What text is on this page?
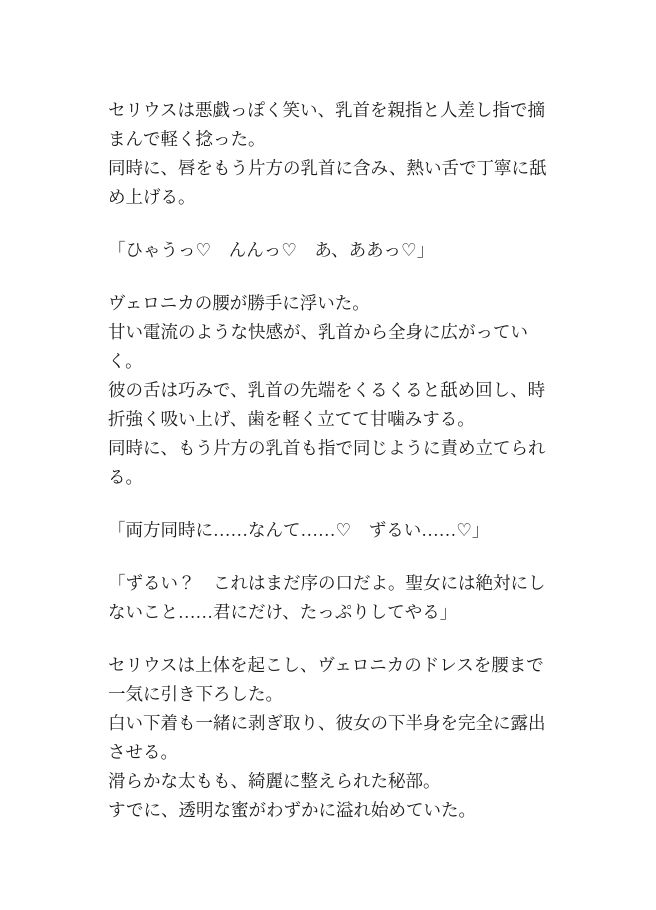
セリウスは悪戯っぽく笑い、乳首を親指と人差し指で摘まんで軽く捻った。

同時に、唇をもう片方の乳首に含み、熱い舌で丁寧に舐め上げる。

「ひゃうっ♡　んんっ♡　あ、ああっ♡」

ヴェロニカの腰が勝手に浮いた。

甘い電流のような快感が、乳首から全身に広がっていく。

彼の舌は巧みで、乳首の先端をくるくると舐め回し、時折強く吸い上げ、歯を軽く立てて甘噛みする。

同時に、もう片方の乳首も指で同じように責め立てられる。

「両方同時に……なんて……♡　ずるい……♡」

「ずるい？　これはまだ序の口だよ。聖女には絶対にしないこと……君にだけ、たっぷりしてやる」

セリウスは上体を起こし、ヴェロニカのドレスを腰まで一気に引き下ろした。

白い下着も一緒に剥ぎ取り、彼女の下半身を完全に露出させる。

滑らかな太もも、綺麗に整えられた秘部。

すでに、透明な蜜がわずかに溢れ始めていた。
